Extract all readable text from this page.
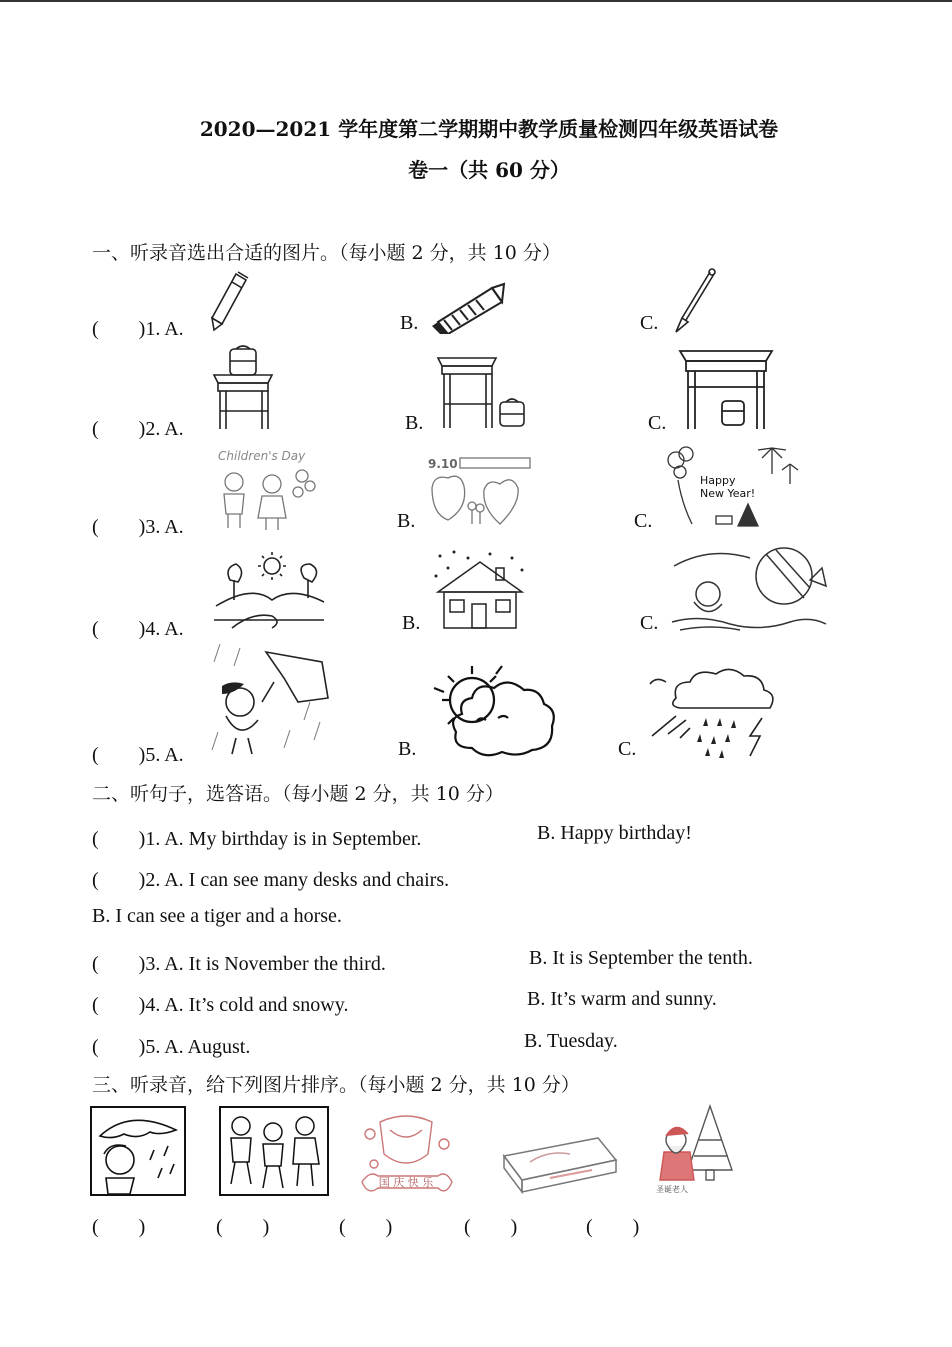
2020—2021 学年度第二学期期中教学质量检测四年级英语试卷
卷一（共 60 分）
一、听录音选出合适的图片。（每小题 2 分，共 10 分）
(　　)1. A.	B.	C.
(　　)2. A.	B.	C.
(　　)3. A.
Children's Day
B.
9.10
C.
Happy
New Year!
(　　)4. A.	B.	C.
(　　)5. A.	B.	C.
二、听句子，选答语。（每小题 2 分，共 10 分）
(　　)1. A. My birthday is in September.	B. Happy birthday!
(　　)2. A. I can see many desks and chairs.
B. I can see a tiger and a horse.
(　　)3. A. It is November the third.	B. It is September the tenth.
(　　)4. A. It’s cold and snowy.	B. It’s warm and sunny.
(　　)5. A. August.	B. Tuesday.
三、听录音，给下列图片排序。（每小题 2 分，共 10 分）
国 庆 快 乐
圣诞老人
(　　)	(　　)	(　　)	(　　)	(　　)
